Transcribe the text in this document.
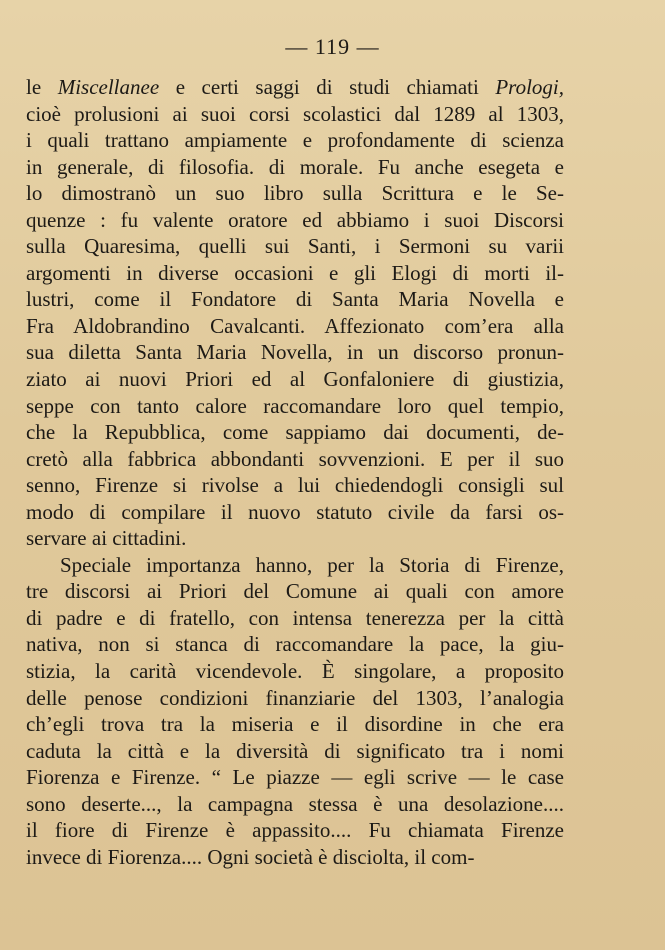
— 119 —
le Miscellanee e certi saggi di studi chiamati Prologi,
cioè prolusioni ai suoi corsi scolastici dal 1289 al 1303,
i quali trattano ampiamente e profondamente di scienza
in generale, di filosofia. di morale. Fu anche esegeta e
lo dimostranò un suo libro sulla Scrittura e le Se-
quenze : fu valente oratore ed abbiamo i suoi Discorsi
sulla Quaresima, quelli sui Santi, i Sermoni su varii
argomenti in diverse occasioni e gli Elogi di morti il-
lustri, come il Fondatore di Santa Maria Novella e
Fra Aldobrandino Cavalcanti. Affezionato com’era alla
sua diletta Santa Maria Novella, in un discorso pronun-
ziato ai nuovi Priori ed al Gonfaloniere di giustizia,
seppe con tanto calore raccomandare loro quel tempio,
che la Repubblica, come sappiamo dai documenti, de-
cretò alla fabbrica abbondanti sovvenzioni. E per il suo
senno, Firenze si rivolse a lui chiedendogli consigli sul
modo di compilare il nuovo statuto civile da farsi os-
servare ai cittadini.
Speciale importanza hanno, per la Storia di Firenze,
tre discorsi ai Priori del Comune ai quali con amore
di padre e di fratello, con intensa tenerezza per la città
nativa, non si stanca di raccomandare la pace, la giu-
stizia, la carità vicendevole. È singolare, a proposito
delle penose condizioni finanziarie del 1303, l’analogia
ch’egli trova tra la miseria e il disordine in che era
caduta la città e la diversità di significato tra i nomi
Fiorenza e Firenze. “ Le piazze — egli scrive — le case
sono deserte..., la campagna stessa è una desolazione....
il fiore di Firenze è appassito.... Fu chiamata Firenze
invece di Fiorenza.... Ogni società è disciolta, il com-
